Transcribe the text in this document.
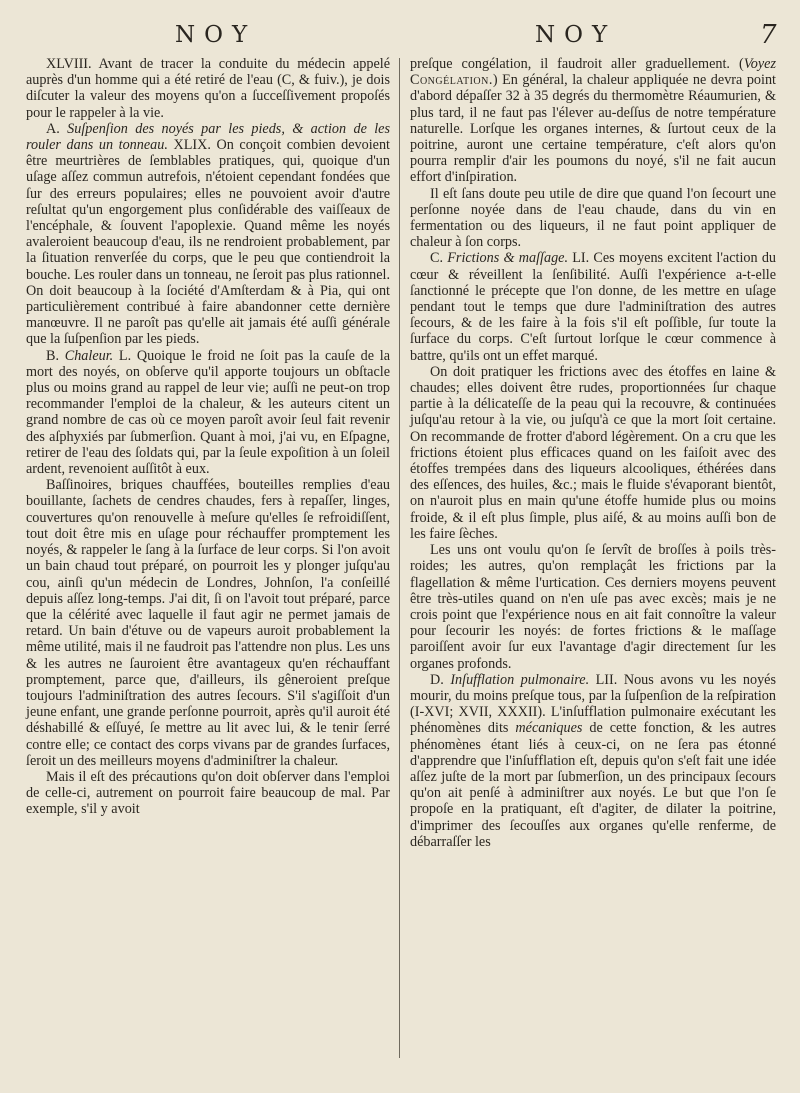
NOY	NOY	7

XLVIII. Avant de tracer la conduite du médecin appelé auprès d'un homme qui a été retiré de l'eau (C, & fuiv.), je dois diſcuter la valeur des moyens qu'on a ſucceſſivement propoſés pour le rappeler à la vie.

A. Suſpenſion des noyés par les pieds, & action de les rouler dans un tonneau. XLIX. On conçoit combien devoient être meurtrières de ſemblables pratiques, qui, quoique d'un uſage aſſez commun autrefois, n'étoient cependant fondées que ſur des erreurs populaires; elles ne pouvoient avoir d'autre reſultat qu'un engorgement plus conſidérable des vaiſſeaux de l'encéphale, & ſouvent l'apoplexie. Quand même les noyés avaleroient beaucoup d'eau, ils ne rendroient probablement, par la ſituation renverſée du corps, que le peu que contiendroit la bouche. Les rouler dans un tonneau, ne ſeroit pas plus rationnel. On doit beaucoup à la ſociété d'Amſterdam & à Pia, qui ont particulièrement contribué à faire abandonner cette dernière manœuvre. Il ne paroît pas qu'elle ait jamais été auſſi générale que la ſuſpenſion par les pieds.

B. Chaleur. L. Quoique le froid ne ſoit pas la cauſe de la mort des noyés, on obſerve qu'il apporte toujours un obſtacle plus ou moins grand au rappel de leur vie; auſſi ne peut-on trop recommander l'emploi de la chaleur, & les auteurs citent un grand nombre de cas où ce moyen paroît avoir ſeul fait revenir des aſphyxiés par ſubmerſion. Quant à moi, j'ai vu, en Eſpagne, retirer de l'eau des ſoldats qui, par la ſeule expoſition à un ſoleil ardent, revenoient auſſitôt à eux.

Baſſinoires, briques chauffées, bouteilles remplies d'eau bouillante, ſachets de cendres chaudes, fers à repaſſer, linges, couvertures qu'on renouvelle à meſure qu'elles ſe refroidiſſent, tout doit être mis en uſage pour réchauffer promptement les noyés, & rappeler le ſang à la ſurface de leur corps. Si l'on avoit un bain chaud tout préparé, on pourroit les y plonger juſqu'au cou, ainſi qu'un médecin de Londres, Johnſon, l'a conſeillé depuis aſſez long-temps. J'ai dit, ſi on l'avoit tout préparé, parce que la célérité avec laquelle il faut agir ne permet jamais de retard. Un bain d'étuve ou de vapeurs auroit probablement la même utilité, mais il ne faudroit pas l'attendre non plus. Les uns & les autres ne ſauroient être avantageux qu'en réchauffant promptement, parce que, d'ailleurs, ils gêneroient preſque toujours l'adminiſtration des autres ſecours. S'il s'agiſſoit d'un jeune enfant, une grande perſonne pourroit, après qu'il auroit été déshabillé & eſſuyé, ſe mettre au lit avec lui, & le tenir ſerré contre elle; ce contact des corps vivans par de grandes ſurfaces, ſeroit un des meilleurs moyens d'adminiſtrer la chaleur.

Mais il eſt des précautions qu'on doit obſerver dans l'emploi de celle-ci, autrement on pourroit faire beaucoup de mal. Par exemple, s'il y avoit

preſque congélation, il faudroit aller graduellement. (Voyez Congélation.) En général, la chaleur appliquée ne devra point d'abord dépaſſer 32 à 35 degrés du thermomètre Réaumurien, & plus tard, il ne faut pas l'élever au-deſſus de notre température naturelle. Lorſque les organes internes, & ſurtout ceux de la poitrine, auront une certaine température, c'eſt alors qu'on pourra remplir d'air les poumons du noyé, s'il ne fait aucun effort d'inſpiration.

Il eſt ſans doute peu utile de dire que quand l'on ſecourt une perſonne noyée dans de l'eau chaude, dans du vin en fermentation ou des liqueurs, il ne faut point appliquer de chaleur à ſon corps.

C. Frictions & maſſage. LI. Ces moyens excitent l'action du cœur & réveillent la ſenſibilité. Auſſi l'expérience a-t-elle ſanctionné le précepte que l'on donne, de les mettre en uſage pendant tout le temps que dure l'adminiſtration des autres ſecours, & de les faire à la fois s'il eſt poſſible, ſur toute la ſurface du corps. C'eſt ſurtout lorſque le cœur commence à battre, qu'ils ont un effet marqué.

On doit pratiquer les frictions avec des étoffes en laine & chaudes; elles doivent être rudes, proportionnées ſur chaque partie à la délicateſſe de la peau qui la recouvre, & continuées juſqu'au retour à la vie, ou juſqu'à ce que la mort ſoit certaine. On recommande de frotter d'abord légèrement. On a cru que les frictions étoient plus efficaces quand on les faiſoit avec des étoffes trempées dans des liqueurs alcooliques, éthérées dans des eſſences, des huiles, &c.; mais le fluide s'évaporant bientôt, on n'auroit plus en main qu'une étoffe humide plus ou moins froide, & il eſt plus ſimple, plus aiſé, & au moins auſſi bon de les faire ſèches.

Les uns ont voulu qu'on ſe ſervît de broſſes à poils très-roides; les autres, qu'on remplaçât les frictions par la flagellation & même l'urtication. Ces derniers moyens peuvent être très-utiles quand on n'en uſe pas avec excès; mais je ne crois point que l'expérience nous en ait fait connoître la valeur pour ſecourir les noyés: de fortes frictions & le maſſage paroiſſent avoir ſur eux l'avantage d'agir directement ſur les organes profonds.

D. Inſufflation pulmonaire. LII. Nous avons vu les noyés mourir, du moins preſque tous, par la ſuſpenſion de la reſpiration (I-XVI; XVII, XXXII). L'inſufflation pulmonaire exécutant les phénomènes dits mécaniques de cette fonction, & les autres phénomènes étant liés à ceux-ci, on ne ſera pas étonné d'apprendre que l'inſufflation eſt, depuis qu'on s'eſt fait une idée aſſez juſte de la mort par ſubmerſion, un des principaux ſecours qu'on ait penſé à adminiſtrer aux noyés. Le but que l'on ſe propoſe en la pratiquant, eſt d'agiter, de dilater la poitrine, d'imprimer des ſecouſſes aux organes qu'elle renferme, de débarraſſer les
